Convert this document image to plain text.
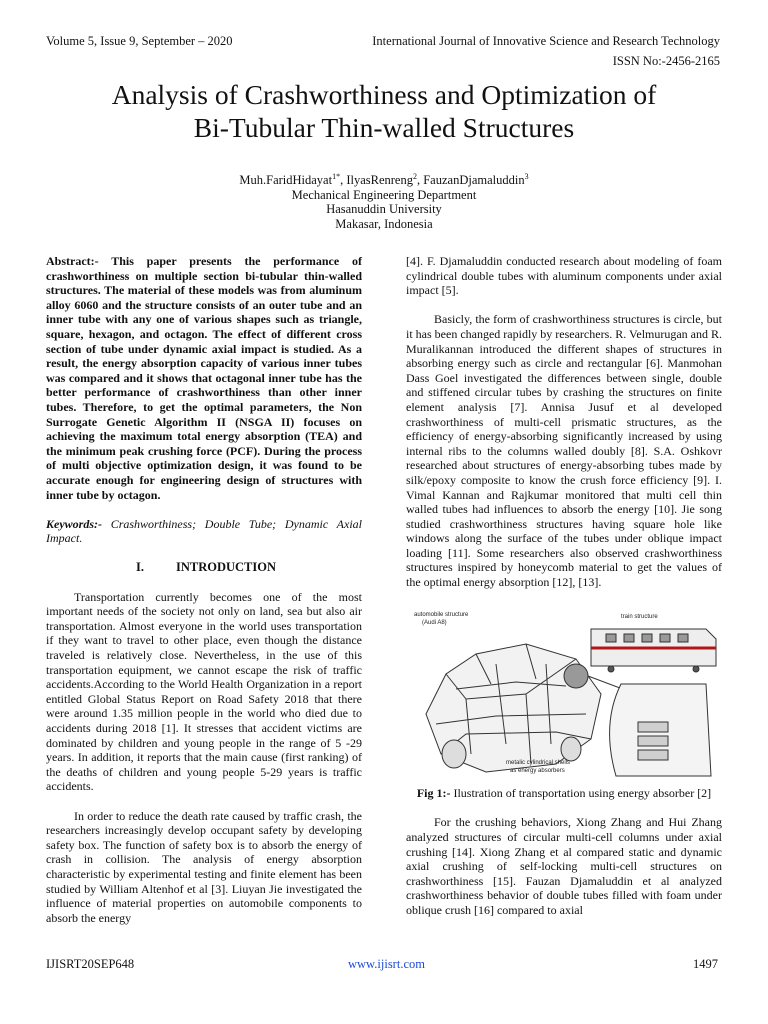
Volume 5, Issue 9, September – 2020	International Journal of Innovative Science and Research Technology
ISSN No:-2456-2165
Analysis of Crashworthiness and Optimization of
Bi-Tubular Thin-walled Structures
Muh.FaridHidayat$^{1*}$, IlyasRenreng$^2$, FauzanDjamaluddin$^3$
Mechanical Engineering Department
Hasanuddin University
Makasar, Indonesia

Abstract:- This paper presents the performance of crashworthiness on multiple section bi-tubular thin-walled structures. The material of these models was from aluminum alloy 6060 and the structure consists of an outer tube and an inner tube with any one of various shapes such as triangle, square, hexagon, and octagon. The effect of different cross section of tube under dynamic axial impact is studied. As a result, the energy absorption capacity of various inner tubes was compared and it shows that octagonal inner tube has the better performance of crashworthiness than other inner tubes. Therefore, to get the optimal parameters, the Non Surrogate Genetic Algorithm II (NSGA II) focuses on achieving the maximum total energy absorption (TEA) and the minimum peak crushing force (PCF). During the process of multi objective optimization design, it was found to be accurate enough for engineering design of structures with inner tube by octagon.

Keywords:- Crashworthiness; Double Tube; Dynamic Axial Impact.

I.	INTRODUCTION

Transportation currently becomes one of the most important needs of the society not only on land, sea but also air transportation. Almost everyone in the world uses transportation if they want to travel to other place, even though the distance traveled is relatively close. Nevertheless, in the use of this transportation equipment, we cannot escape the risk of traffic accidents.According to the World Health Organization in a report entitled Global Status Report on Road Safety 2018 that there were around 1.35 million people in the world who died due to accidents during 2018 [1]. It stresses that accident victims are dominated by children and young people in the range of 5 -29 years. In addition, it reports that the main cause (first ranking) of the deaths of children and young people 5-29 years is traffic accidents.

In order to reduce the death rate caused by traffic crash, the researchers increasingly develop occupant safety by developing safety box. The function of safety box is to absorb the energy of crash in collision. The analysis of energy absorption characteristic by experimental testing and finite element has been studied by William Altenhof et al [3]. Liuyan Jie investigated the influence of material properties on automobile components to absorb the energy

[4]. F. Djamaluddin conducted research about modeling of foam cylindrical double tubes with aluminum components under axial impact [5].

Basicly, the form of crashworthiness structures is circle, but it has been changed rapidly by researchers. R. Velmurugan and R. Muralikannan introduced the different shapes of structures in absorbing energy such as circle and rectangular [6]. Manmohan Dass Goel investigated the differences between single, double and stiffened circular tubes by crashing the structures on finite element analysis [7]. Annisa Jusuf et al developed crashworthiness of multi-cell prismatic structures, as the efficiency of energy-absorbing significantly increased by using internal ribs to the columns walled doubly [8]. S.A. Oshkovr researched about structures of energy-absorbing tubes made by silk/epoxy composite to know the crush force efficiency [9]. I. Vimal Kannan and Rajkumar monitored that multi cell thin walled tubes had influences to absorb the energy [10]. Jie song studied crashworthiness structures having square hole like windows along the surface of the tubes under oblique impact loading [11]. Some researchers also observed crashworthiness structures inspired by honeycomb material to get the values of the optimal energy absorption [12], [13].

automobile structure
(Audi A8)
train structure
metalic cylindrical shells
as energy absorbers

Fig 1:- Ilustration of transportation using energy absorber [2]

For the crushing behaviors, Xiong Zhang and Hui Zhang analyzed structures of circular multi-cell columns under axial crushing [14]. Xiong Zhang et al compared static and dynamic axial crushing of self-locking multi-cell structures on crashworthiness [15]. Fauzan Djamaluddin et al analyzed crashworthiness behavior of double tubes filled with foam under oblique crush [16] compared to axial

IJISRT20SEP648	www.ijisrt.com	1497
